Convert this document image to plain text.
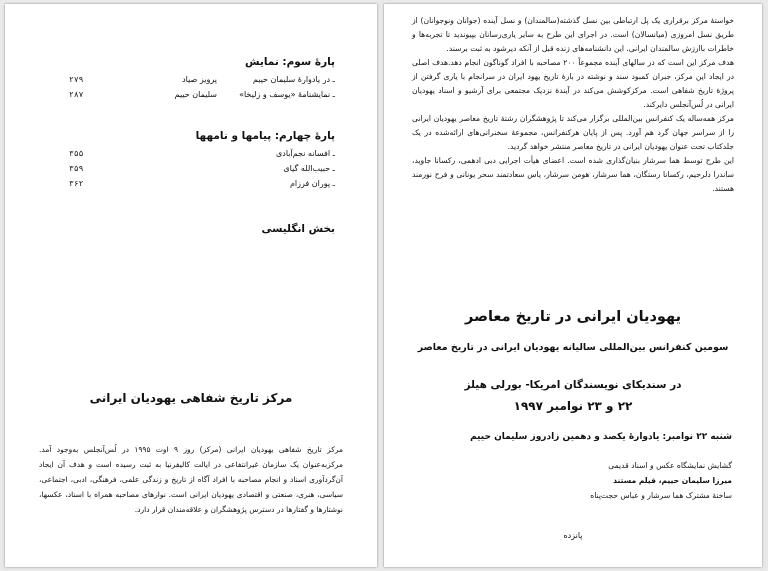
پارهٔ سوم: نمایش
ـ در یادوارهٔ سلیمان حییم
پرویز صیاد
۲۷۹
ـ نمایشنامهٔ «یوسف و زلیخا»
سلیمان حییم
۲۸۷
پارهٔ چهارم: پیامها و نامهها
ـ افسانه نجم‌آبادی
۳۵۵
ـ حبیب‌الله گیای
۳۵۹
ـ پوران فرزام
۳۶۲
بخش انگلیسی
مرکز تاریخ شفاهی یهودیان ایرانی
مرکز تاریخ شفاهی یهودیان ایرانی (مرکز) روز ۹ اوت ۱۹۹۵ در لُس‌آنجلس به‌وجود آمد. مرکزبه‌عنوان یک سازمان غیرانتفاعی در ایالت کالیفرنیا به ثبت رسیده است و هدف آن ایجاد آن‌گردآوری اسناد و انجام مصاحبه با افراد آگاه از تاریخ و زندگی علمی، فرهنگی، ادبی، اجتماعی، سیاسی، هنری، صنعتی و اقتصادی یهودیان ایرانی است. نوارهای مصاحبه همراه با اسناد، عکسها، نوشتارها و گفتارها در دسترس پژوهشگران و علاقه‌مندان قرار دارد.

خواستهٔ مرکز برقراری یک پل ارتباطی بین نسل گذشته(سالمندان) و نسل آینده (جوانان ونوجوانان) از طریق نسل امروزی (میانسالان) است. در اجرای این طرح به سایر یاری‌رسانان بپیوندید تا تجربه‌ها و خاطرات باارزش سالمندان ایرانی. این دانشنامه‌های زنده قبل از آنکه دیرشود به ثبت برسند.

هدف مرکز این است که در سالهای آینده مجموعاً ۲۰۰ مصاحبه با افراد گوناگون انجام دهد.هدف اصلی در ایجاد این مرکز، جبران کمبود سند و نوشته در بارهٔ تاریخ یهود ایران در سرانجام با یاری گرفتن از پروژهٔ تاریخ شفاهی است. مرکزکوشش می‌کند در آیندهٔ نزدیک مجتمعی برای آرشیو و اسناد یهودیان ایرانی در لُس‌آنجلس دایرکند.

مرکز همه‌ساله یک کنفرانس بین‌المللی برگزار می‌کند تا پژوهشگران رشتهٔ تاریخ معاصر یهودیان ایرانی را از سراسر جهان گرد هم آورد. پس از پایان هرکنفرانس، مجموعهٔ سخنرانی‌های ارائه‌شده در یک جلد‌کتاب تحت عنوان یهودیان ایرانی در تاریخ معاصر منتشر خواهد گردید.

این طرح توسط هما سرشار بنیان‌گذاری شده است. اعضای هیأت اجرایی دبی ادهمی، رکسانا جاوید، ساندرا دلرحیم، رکسانا رستگان، هما سرشار، هومن سرشار، یاس سعادتمند سحر یونانی و فرح نورمند هستند.

یهودیان ایرانی در تاریخ معاصر
سومین کنفرانس بین‌المللی سالیانه یهودیان ایرانی در تاریخ معاصر
در سندیکای نویسندگان امریکا- بورلی هیلز
۲۲ و ۲۳ نوامبر ۱۹۹۷
شنبه ۲۲ نوامبر: یادوارهٔ یکصد و دهمین زادروز سلیمان حییم
گشایش نمایشگاه عکس و اسناد قدیمی
میرزا سلیمان حییم، فیلم مستند
ساختهٔ مشترک هما سرشار و عباس حجت‌پناه
پانزده
